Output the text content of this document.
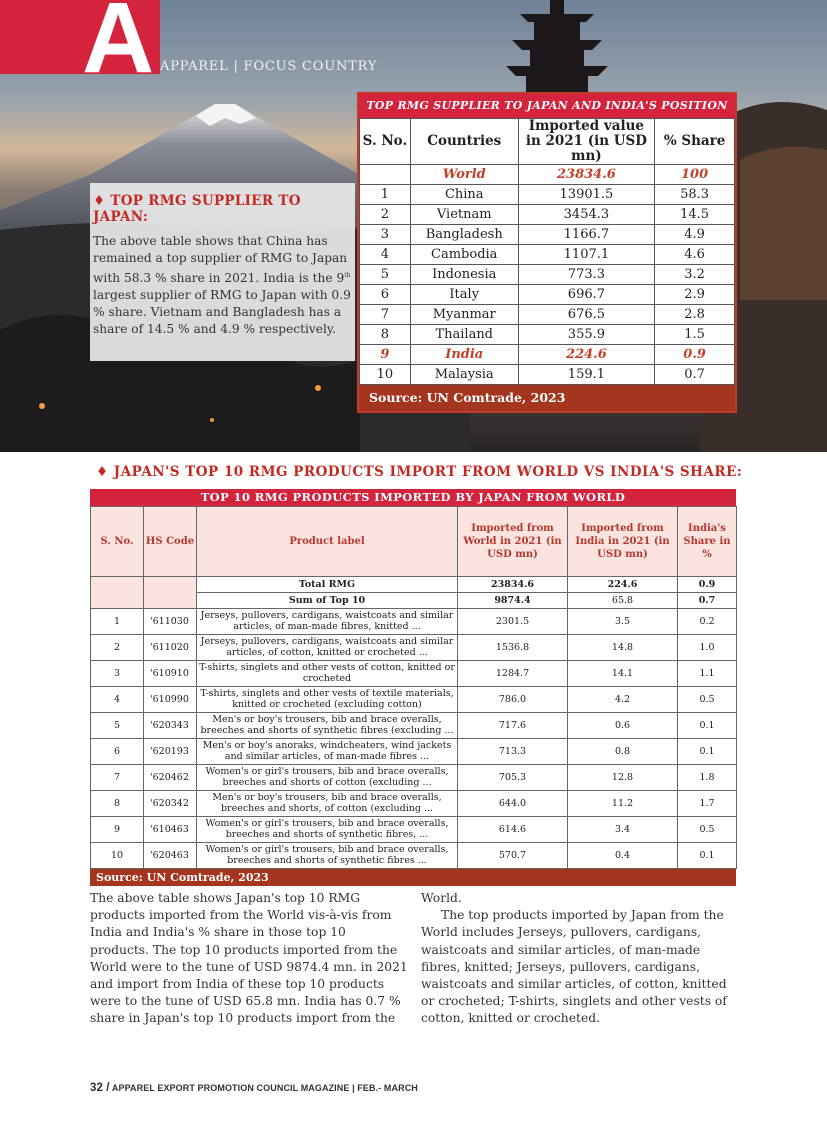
A APPAREL | FOCUS COUNTRY
TOP RMG SUPPLIER TO JAPAN AND INDIA'S POSITION
S. No.	Countries	Imported value in 2021 (in USD mn)	% Share
	World	23834.6	100
1	China	13901.5	58.3
2	Vietnam	3454.3	14.5
3	Bangladesh	1166.7	4.9
4	Cambodia	1107.1	4.6
5	Indonesia	773.3	3.2
6	Italy	696.7	2.9
7	Myanmar	676.5	2.8
8	Thailand	355.9	1.5
9	India	224.6	0.9
10	Malaysia	159.1	0.7
Source: UN Comtrade, 2023
♦ TOP RMG SUPPLIER TO JAPAN:

The above table shows that China has remained a top supplier of RMG to Japan with 58.3 % share in 2021. India is the 9th largest supplier of RMG to Japan with 0.9 % share. Vietnam and Bangladesh has a share of 14.5 % and 4.9 % respectively.

♦ JAPAN'S TOP 10 RMG PRODUCTS IMPORT FROM WORLD VS INDIA'S SHARE:
TOP 10 RMG PRODUCTS IMPORTED BY JAPAN FROM WORLD
S. No.	HS Code	Product label	Imported from World in 2021 (in USD mn)	Imported from India in 2021 (in USD mn)	India's Share in %
		Total RMG	23834.6	224.6	0.9
		Sum of Top 10	9874.4	65.8	0.7
1	'611030	Jerseys, pullovers, cardigans, waistcoats and similar articles, of man-made fibres, knitted ...	2301.5	3.5	0.2
2	'611020	Jerseys, pullovers, cardigans, waistcoats and similar articles, of cotton, knitted or crocheted ...	1536.8	14.8	1.0
3	'610910	T-shirts, singlets and other vests of cotton, knitted or crocheted	1284.7	14.1	1.1
4	'610990	T-shirts, singlets and other vests of textile materials, knitted or crocheted (excluding cotton)	786.0	4.2	0.5
5	'620343	Men's or boy's trousers, bib and brace overalls, breeches and shorts of synthetic fibres (excluding ...	717.6	0.6	0.1
6	'620193	Men's or boy's anoraks, windcheaters, wind jackets and similar articles, of man-made fibres ...	713.3	0.8	0.1
7	'620462	Women's or girl's trousers, bib and brace overalls, breeches and shorts of cotton (excluding ...	705.3	12.8	1.8
8	'620342	Men's or boy's trousers, bib and brace overalls, breeches and shorts, of cotton (excluding ...	644.0	11.2	1.7
9	'610463	Women's or girl's trousers, bib and brace overalls, breeches and shorts of synthetic fibres, ...	614.6	3.4	0.5
10	'620463	Women's or girl's trousers, bib and brace overalls, breeches and shorts of synthetic fibres ...	570.7	0.4	0.1
Source: UN Comtrade, 2023

The above table shows Japan's top 10 RMG products imported from the World vis-à-vis from India and India's % share in those top 10 products. The top 10 products imported from the World were to the tune of USD 9874.4 mn. in 2021 and import from India of these top 10 products were to the tune of USD 65.8 mn. India has 0.7 % share in Japan's top 10 products import from the

World.

The top products imported by Japan from the World includes Jerseys, pullovers, cardigans, waistcoats and similar articles, of man-made fibres, knitted; Jerseys, pullovers, cardigans, waistcoats and similar articles, of cotton, knitted or crocheted; T-shirts, singlets and other vests of cotton, knitted or crocheted.

32 / APPAREL EXPORT PROMOTION COUNCIL MAGAZINE | FEB.- MARCH
